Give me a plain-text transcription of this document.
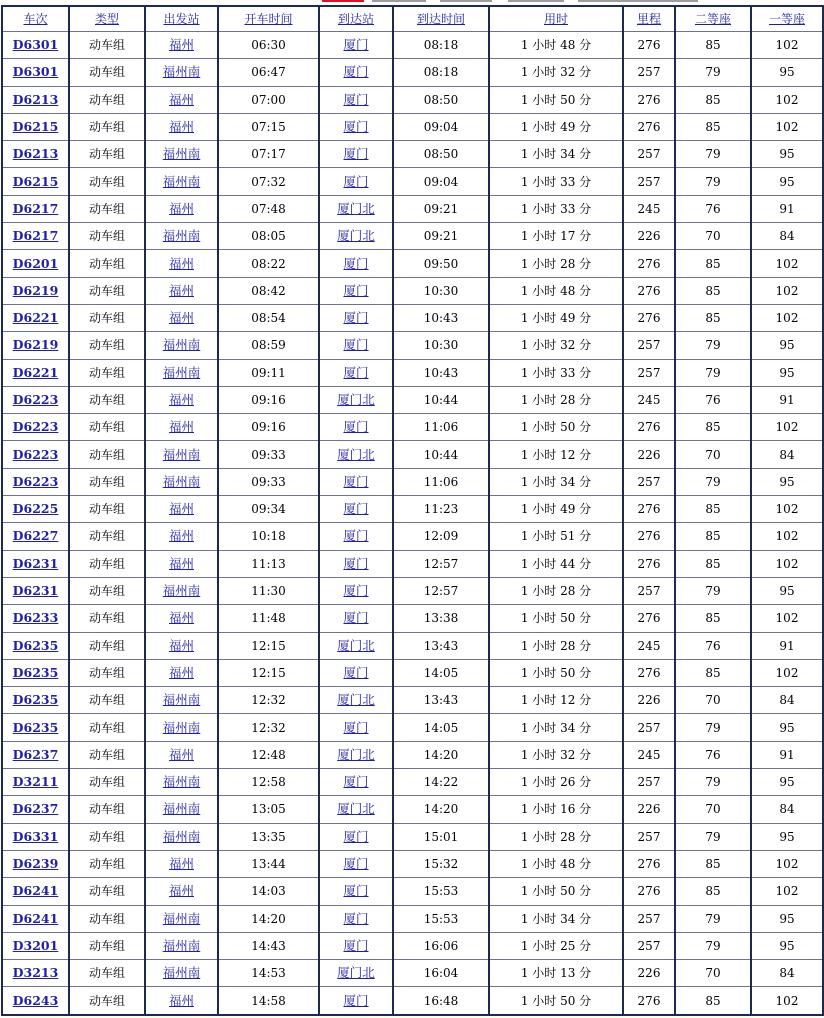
车次	类型	出发站	开车时间	到达站	到达时间	用时	里程	二等座	一等座
D6301	动车组	福州	06:30	厦门	08:18	1 小时 48 分	276	85	102
D6301	动车组	福州南	06:47	厦门	08:18	1 小时 32 分	257	79	95
D6213	动车组	福州	07:00	厦门	08:50	1 小时 50 分	276	85	102
D6215	动车组	福州	07:15	厦门	09:04	1 小时 49 分	276	85	102
D6213	动车组	福州南	07:17	厦门	08:50	1 小时 34 分	257	79	95
D6215	动车组	福州南	07:32	厦门	09:04	1 小时 33 分	257	79	95
D6217	动车组	福州	07:48	厦门北	09:21	1 小时 33 分	245	76	91
D6217	动车组	福州南	08:05	厦门北	09:21	1 小时 17 分	226	70	84
D6201	动车组	福州	08:22	厦门	09:50	1 小时 28 分	276	85	102
D6219	动车组	福州	08:42	厦门	10:30	1 小时 48 分	276	85	102
D6221	动车组	福州	08:54	厦门	10:43	1 小时 49 分	276	85	102
D6219	动车组	福州南	08:59	厦门	10:30	1 小时 32 分	257	79	95
D6221	动车组	福州南	09:11	厦门	10:43	1 小时 33 分	257	79	95
D6223	动车组	福州	09:16	厦门北	10:44	1 小时 28 分	245	76	91
D6223	动车组	福州	09:16	厦门	11:06	1 小时 50 分	276	85	102
D6223	动车组	福州南	09:33	厦门北	10:44	1 小时 12 分	226	70	84
D6223	动车组	福州南	09:33	厦门	11:06	1 小时 34 分	257	79	95
D6225	动车组	福州	09:34	厦门	11:23	1 小时 49 分	276	85	102
D6227	动车组	福州	10:18	厦门	12:09	1 小时 51 分	276	85	102
D6231	动车组	福州	11:13	厦门	12:57	1 小时 44 分	276	85	102
D6231	动车组	福州南	11:30	厦门	12:57	1 小时 28 分	257	79	95
D6233	动车组	福州	11:48	厦门	13:38	1 小时 50 分	276	85	102
D6235	动车组	福州	12:15	厦门北	13:43	1 小时 28 分	245	76	91
D6235	动车组	福州	12:15	厦门	14:05	1 小时 50 分	276	85	102
D6235	动车组	福州南	12:32	厦门北	13:43	1 小时 12 分	226	70	84
D6235	动车组	福州南	12:32	厦门	14:05	1 小时 34 分	257	79	95
D6237	动车组	福州	12:48	厦门北	14:20	1 小时 32 分	245	76	91
D3211	动车组	福州南	12:58	厦门	14:22	1 小时 26 分	257	79	95
D6237	动车组	福州南	13:05	厦门北	14:20	1 小时 16 分	226	70	84
D6331	动车组	福州南	13:35	厦门	15:01	1 小时 28 分	257	79	95
D6239	动车组	福州	13:44	厦门	15:32	1 小时 48 分	276	85	102
D6241	动车组	福州	14:03	厦门	15:53	1 小时 50 分	276	85	102
D6241	动车组	福州南	14:20	厦门	15:53	1 小时 34 分	257	79	95
D3201	动车组	福州南	14:43	厦门	16:06	1 小时 25 分	257	79	95
D3213	动车组	福州南	14:53	厦门北	16:04	1 小时 13 分	226	70	84
D6243	动车组	福州	14:58	厦门	16:48	1 小时 50 分	276	85	102
